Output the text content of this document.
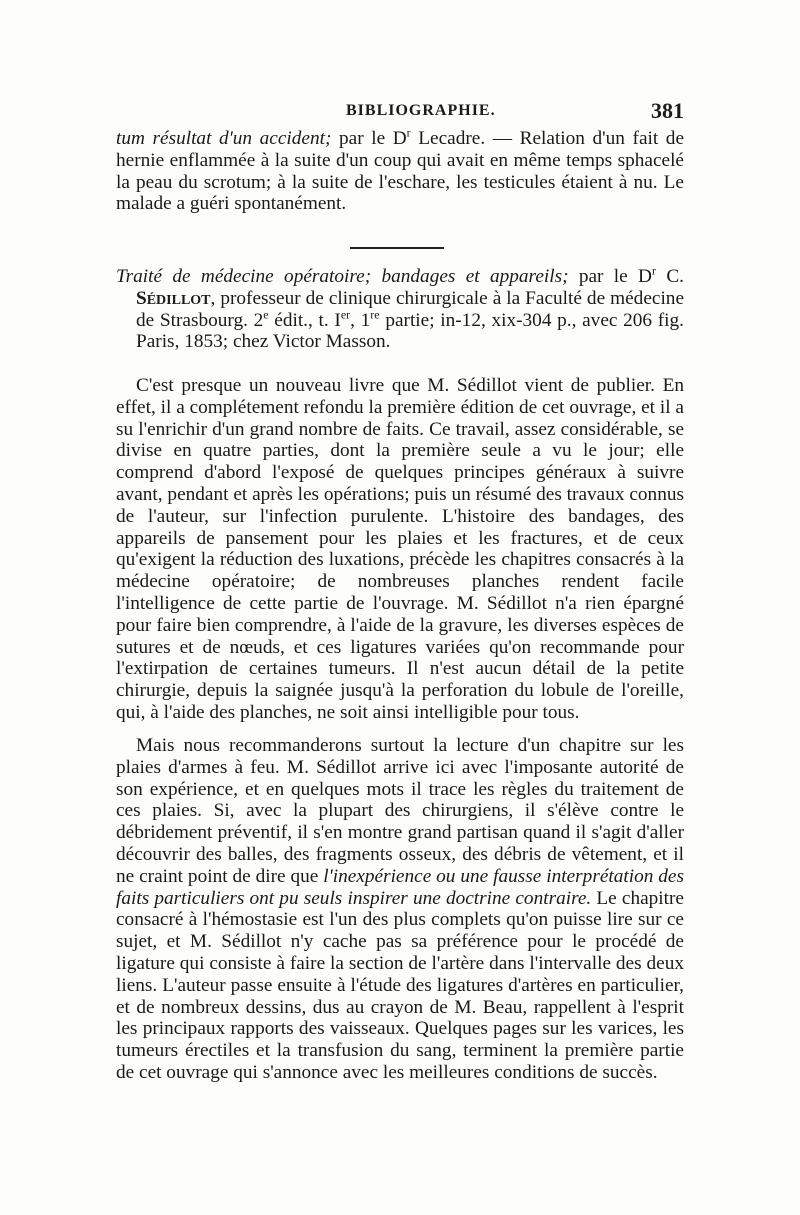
BIBLIOGRAPHIE.	381

tum résultat d'un accident; par le $D^r$ Lecadre. — Relation d'un fait de hernie enflammée à la suite d'un coup qui avait en même temps sphacelé la peau du scrotum; à la suite de l'eschare, les testicules étaient à nu. Le malade a guéri spontanément.

Traité de médecine opératoire; bandages et appareils; par le $D^r$ C. Sédillot, professeur de clinique chirurgicale à la Faculté de médecine de Strasbourg. 2e édit., t. Ier, 1re partie; in-12, xix-304 p., avec 206 fig. Paris, 1853; chez Victor Masson.

C'est presque un nouveau livre que M. Sédillot vient de publier. En effet, il a complétement refondu la première édition de cet ouvrage, et il a su l'enrichir d'un grand nombre de faits. Ce travail, assez considérable, se divise en quatre parties, dont la première seule a vu le jour; elle comprend d'abord l'exposé de quelques principes généraux à suivre avant, pendant et après les opérations; puis un résumé des travaux connus de l'auteur, sur l'infection purulente. L'histoire des bandages, des appareils de pansement pour les plaies et les fractures, et de ceux qu'exigent la réduction des luxations, précède les chapitres consacrés à la médecine opératoire; de nombreuses planches rendent facile l'intelligence de cette partie de l'ouvrage. M. Sédillot n'a rien épargné pour faire bien comprendre, à l'aide de la gravure, les diverses espèces de sutures et de nœuds, et ces ligatures variées qu'on recommande pour l'extirpation de certaines tumeurs. Il n'est aucun détail de la petite chirurgie, depuis la saignée jusqu'à la perforation du lobule de l'oreille, qui, à l'aide des planches, ne soit ainsi intelligible pour tous.

Mais nous recommanderons surtout la lecture d'un chapitre sur les plaies d'armes à feu. M. Sédillot arrive ici avec l'imposante autorité de son expérience, et en quelques mots il trace les règles du traitement de ces plaies. Si, avec la plupart des chirurgiens, il s'élève contre le débridement préventif, il s'en montre grand partisan quand il s'agit d'aller découvrir des balles, des fragments osseux, des débris de vêtement, et il ne craint point de dire que l'inexpérience ou une fausse interprétation des faits particuliers ont pu seuls inspirer une doctrine contraire. Le chapitre consacré à l'hémostasie est l'un des plus complets qu'on puisse lire sur ce sujet, et M. Sédillot n'y cache pas sa préférence pour le procédé de ligature qui consiste à faire la section de l'artère dans l'intervalle des deux liens. L'auteur passe ensuite à l'étude des ligatures d'artères en particulier, et de nombreux dessins, dus au crayon de M. Beau, rappellent à l'esprit les principaux rapports des vaisseaux. Quelques pages sur les varices, les tumeurs érectiles et la transfusion du sang, terminent la première partie de cet ouvrage qui s'annonce avec les meilleures conditions de succès.
